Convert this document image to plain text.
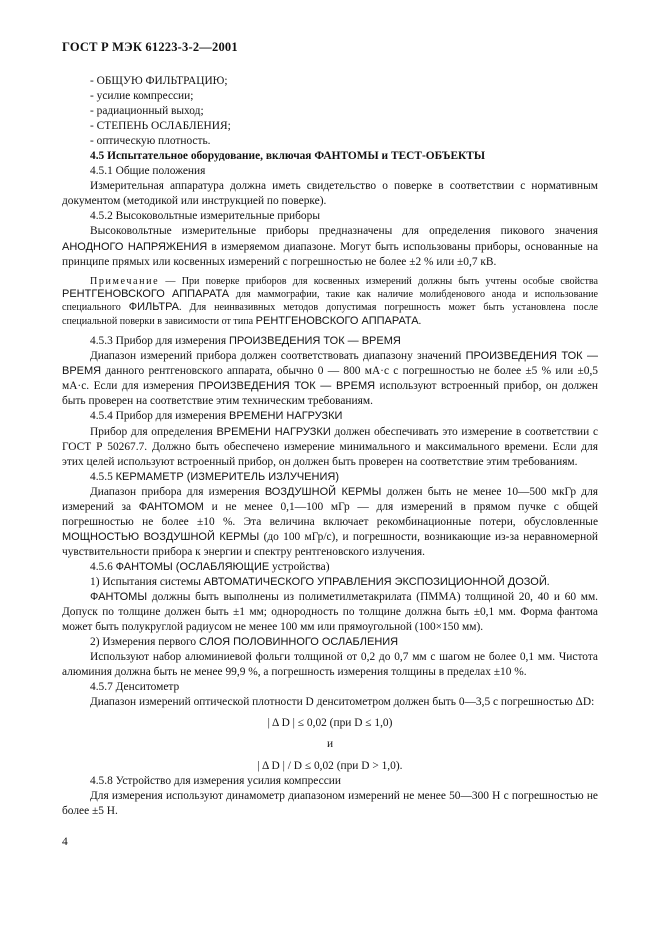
ГОСТ Р МЭК 61223-3-2—2001

- ОБЩУЮ ФИЛЬТРАЦИЮ;

- усилие компрессии;

- радиационный выход;

- СТЕПЕНЬ ОСЛАБЛЕНИЯ;

- оптическую плотность.

4.5 Испытательное оборудование, включая ФАНТОМЫ и ТЕСТ-ОБЪЕКТЫ

4.5.1 Общие положения

Измерительная аппаратура должна иметь свидетельство о поверке в соответствии с нормативным документом (методикой или инструкцией по поверке).

4.5.2 Высоковольтные измерительные приборы

Высоковольтные измерительные приборы предназначены для определения пикового значения АНОДНОГО НАПРЯЖЕНИЯ в измеряемом диапазоне. Могут быть использованы приборы, основанные на принципе прямых или косвенных измерений с погрешностью не более ±2 % или ±0,7 кВ.

Примечание — При поверке приборов для косвенных измерений должны быть учтены особые свойства РЕНТГЕНОВСКОГО АППАРАТА для маммографии, такие как наличие молибденового анода и использование специального ФИЛЬТРА. Для неинвазивных методов допустимая погрешность может быть установлена после специальной поверки в зависимости от типа РЕНТГЕНОВСКОГО АППАРАТА.

4.5.3 Прибор для измерения ПРОИЗВЕДЕНИЯ ТОК — ВРЕМЯ

Диапазон измерений прибора должен соответствовать диапазону значений ПРОИЗВЕДЕНИЯ ТОК — ВРЕМЯ данного рентгеновского аппарата, обычно 0 — 800 мА·с с погрешностью не более ±5 % или ±0,5 мА·с. Если для измерения ПРОИЗВЕДЕНИЯ ТОК — ВРЕМЯ используют встроенный прибор, он должен быть проверен на соответствие этим техническим требованиям.

4.5.4 Прибор для измерения ВРЕМЕНИ НАГРУЗКИ

Прибор для определения ВРЕМЕНИ НАГРУЗКИ должен обеспечивать это измерение в соответствии с ГОСТ Р 50267.7. Должно быть обеспечено измерение минимального и максимального времени. Если для этих целей используют встроенный прибор, он должен быть проверен на соответствие этим требованиям.

4.5.5 КЕРМАМЕТР (ИЗМЕРИТЕЛЬ ИЗЛУЧЕНИЯ)

Диапазон прибора для измерения ВОЗДУШНОЙ КЕРМЫ должен быть не менее 10—500 мкГр для измерений за ФАНТОМОМ и не менее 0,1—100 мГр — для измерений в прямом пучке с общей погрешностью не более ±10 %. Эта величина включает рекомбинационные потери, обусловленные МОЩНОСТЬЮ ВОЗДУШНОЙ КЕРМЫ (до 100 мГр/с), и погрешности, возникающие из-за неравномерной чувствительности прибора к энергии и спектру рентгеновского излучения.

4.5.6 ФАНТОМЫ (ОСЛАБЛЯЮЩИЕ устройства)

1) Испытания системы АВТОМАТИЧЕСКОГО УПРАВЛЕНИЯ ЭКСПОЗИЦИОННОЙ ДОЗОЙ.

ФАНТОМЫ должны быть выполнены из полиметилметакрилата (ПММА) толщиной 20, 40 и 60 мм. Допуск по толщине должен быть ±1 мм; однородность по толщине должна быть ±0,1 мм. Форма фантома может быть полукруглой радиусом не менее 100 мм или прямоугольной (100×150 мм).

2) Измерения первого СЛОЯ ПОЛОВИННОГО ОСЛАБЛЕНИЯ

Используют набор алюминиевой фольги толщиной от 0,2 до 0,7 мм с шагом не более 0,1 мм. Чистота алюминия должна быть не менее 99,9 %, а погрешность измерения толщины в пределах ±10 %.

4.5.7 Денситометр

Диапазон измерений оптической плотности D денситометром должен быть 0—3,5 с погрешностью ΔD:

| Δ D | ≤ 0,02 (при D ≤ 1,0)

и

| Δ D | / D ≤ 0,02 (при D > 1,0).

4.5.8 Устройство для измерения усилия компрессии

Для измерения используют динамометр диапазоном измерений не менее 50—300 Н с погрешностью не более ±5 Н.

4
